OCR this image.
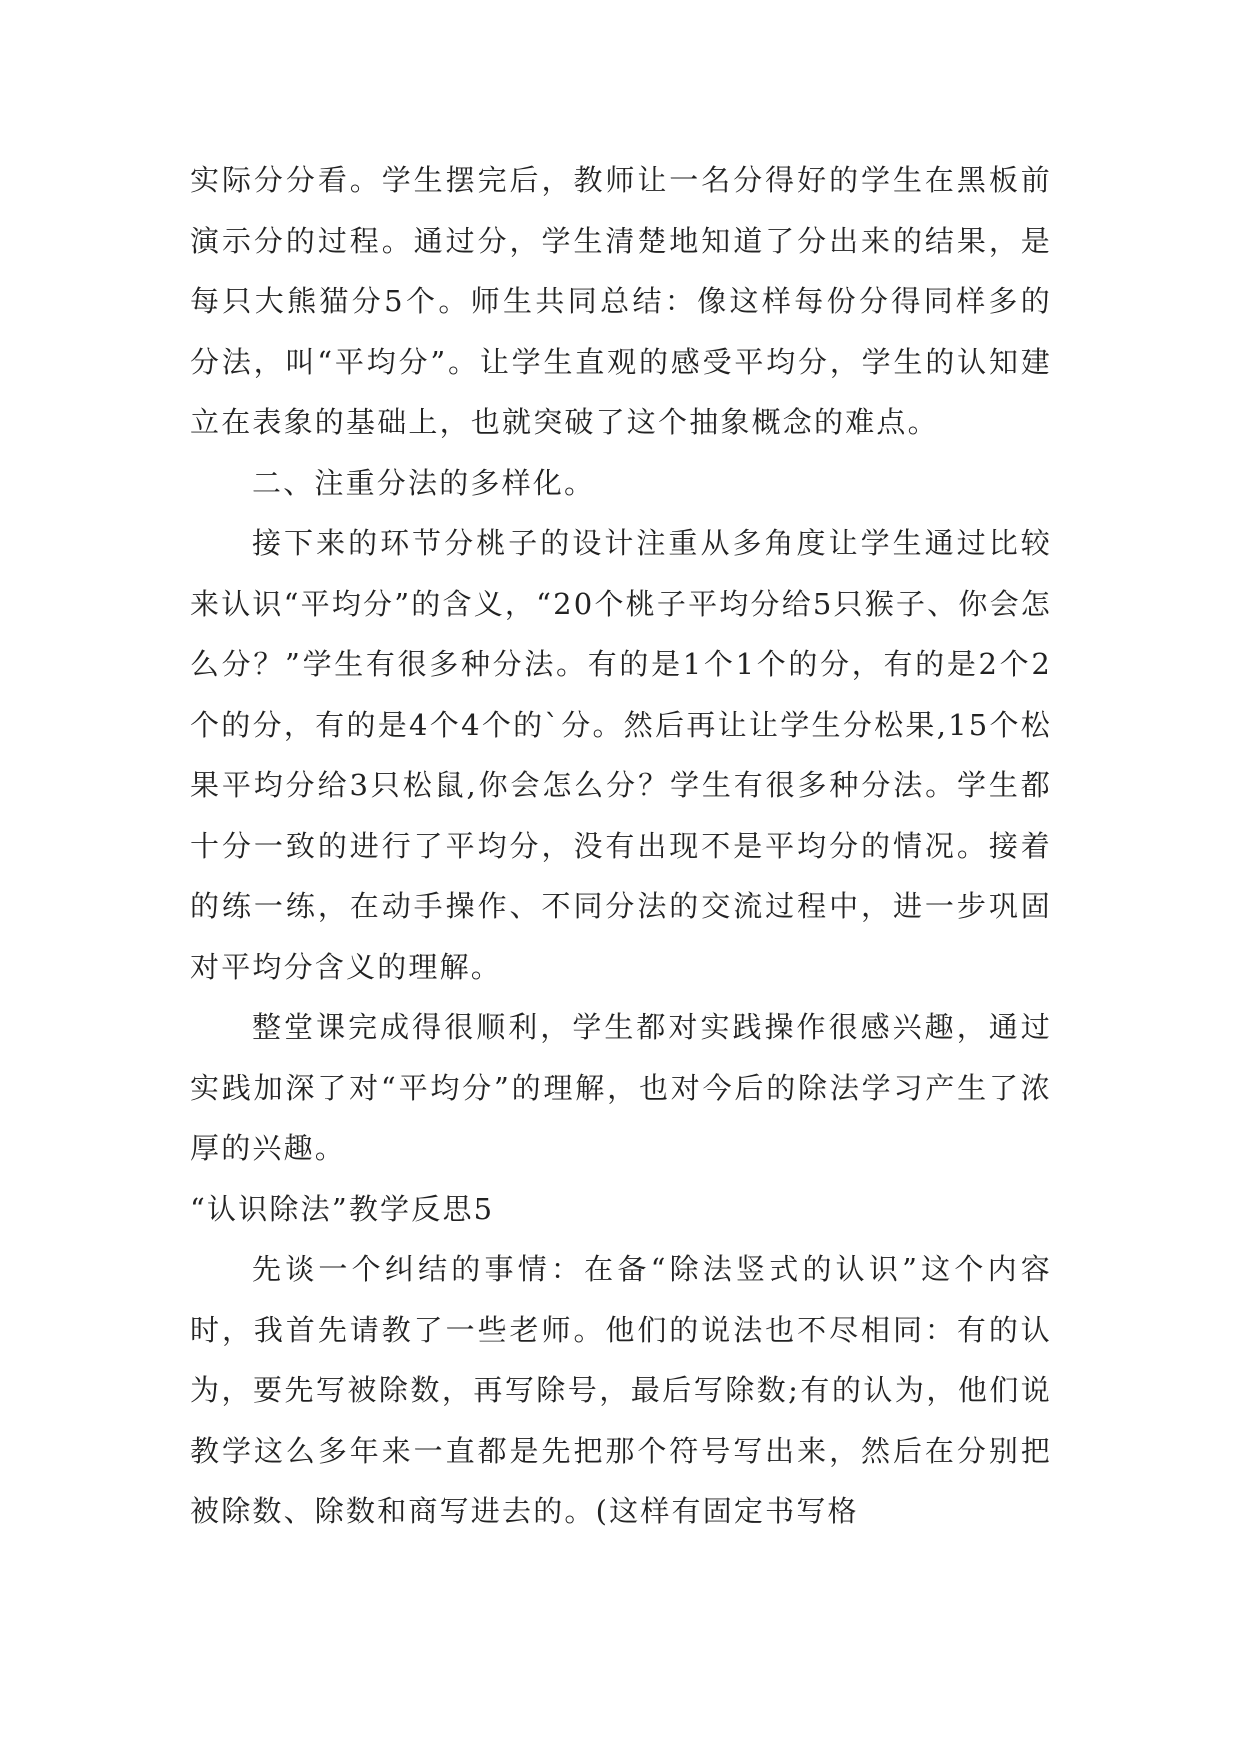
实际分分看。学生摆完后，教师让一名分得好的学生在黑板前演示分的过程。通过分，学生清楚地知道了分出来的结果，是每只大熊猫分5个。师生共同总结：像这样每份分得同样多的分法，叫“平均分”。让学生直观的感受平均分，学生的认知建立在表象的基础上，也就突破了这个抽象概念的难点。

二、注重分法的多样化。

接下来的环节分桃子的设计注重从多角度让学生通过比较来认识“平均分”的含义，“20个桃子平均分给5只猴子、你会怎么分？”学生有很多种分法。有的是1个1个的分，有的是2个2个的分，有的是4个4个的`分。然后再让让学生分松果,15个松果平均分给3只松鼠,你会怎么分？学生有很多种分法。学生都十分一致的进行了平均分，没有出现不是平均分的情况。接着的练一练，在动手操作、不同分法的交流过程中，进一步巩固对平均分含义的理解。

整堂课完成得很顺利，学生都对实践操作很感兴趣，通过实践加深了对“平均分”的理解，也对今后的除法学习产生了浓厚的兴趣。

“认识除法”教学反思5

先谈一个纠结的事情：在备“除法竖式的认识”这个内容时，我首先请教了一些老师。他们的说法也不尽相同：有的认为，要先写被除数，再写除号，最后写除数;有的认为，他们说教学这么多年来一直都是先把那个符号写出来，然后在分别把被除数、除数和商写进去的。(这样有固定书写格
